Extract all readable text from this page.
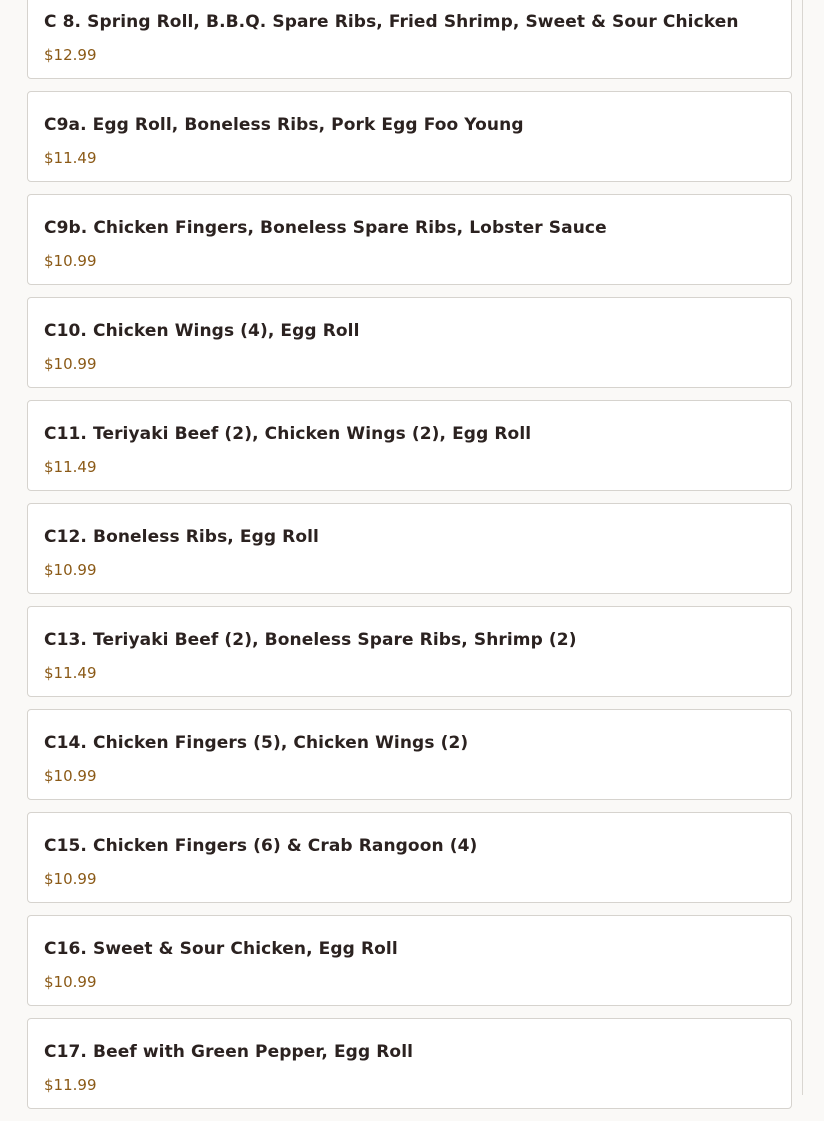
C 8. Spring Roll, B.B.Q. Spare Ribs, Fried Shrimp, Sweet & Sour Chicken
$12.99
C9a. Egg Roll, Boneless Ribs, Pork Egg Foo Young
$11.49
C9b. Chicken Fingers, Boneless Spare Ribs, Lobster Sauce
$10.99
C10. Chicken Wings (4), Egg Roll
$10.99
C11. Teriyaki Beef (2), Chicken Wings (2), Egg Roll
$11.49
C12. Boneless Ribs, Egg Roll
$10.99
C13. Teriyaki Beef (2), Boneless Spare Ribs, Shrimp (2)
$11.49
C14. Chicken Fingers (5), Chicken Wings (2)
$10.99
C15. Chicken Fingers (6) & Crab Rangoon (4)
$10.99
C16. Sweet & Sour Chicken, Egg Roll
$10.99
C17. Beef with Green Pepper, Egg Roll
$11.99
